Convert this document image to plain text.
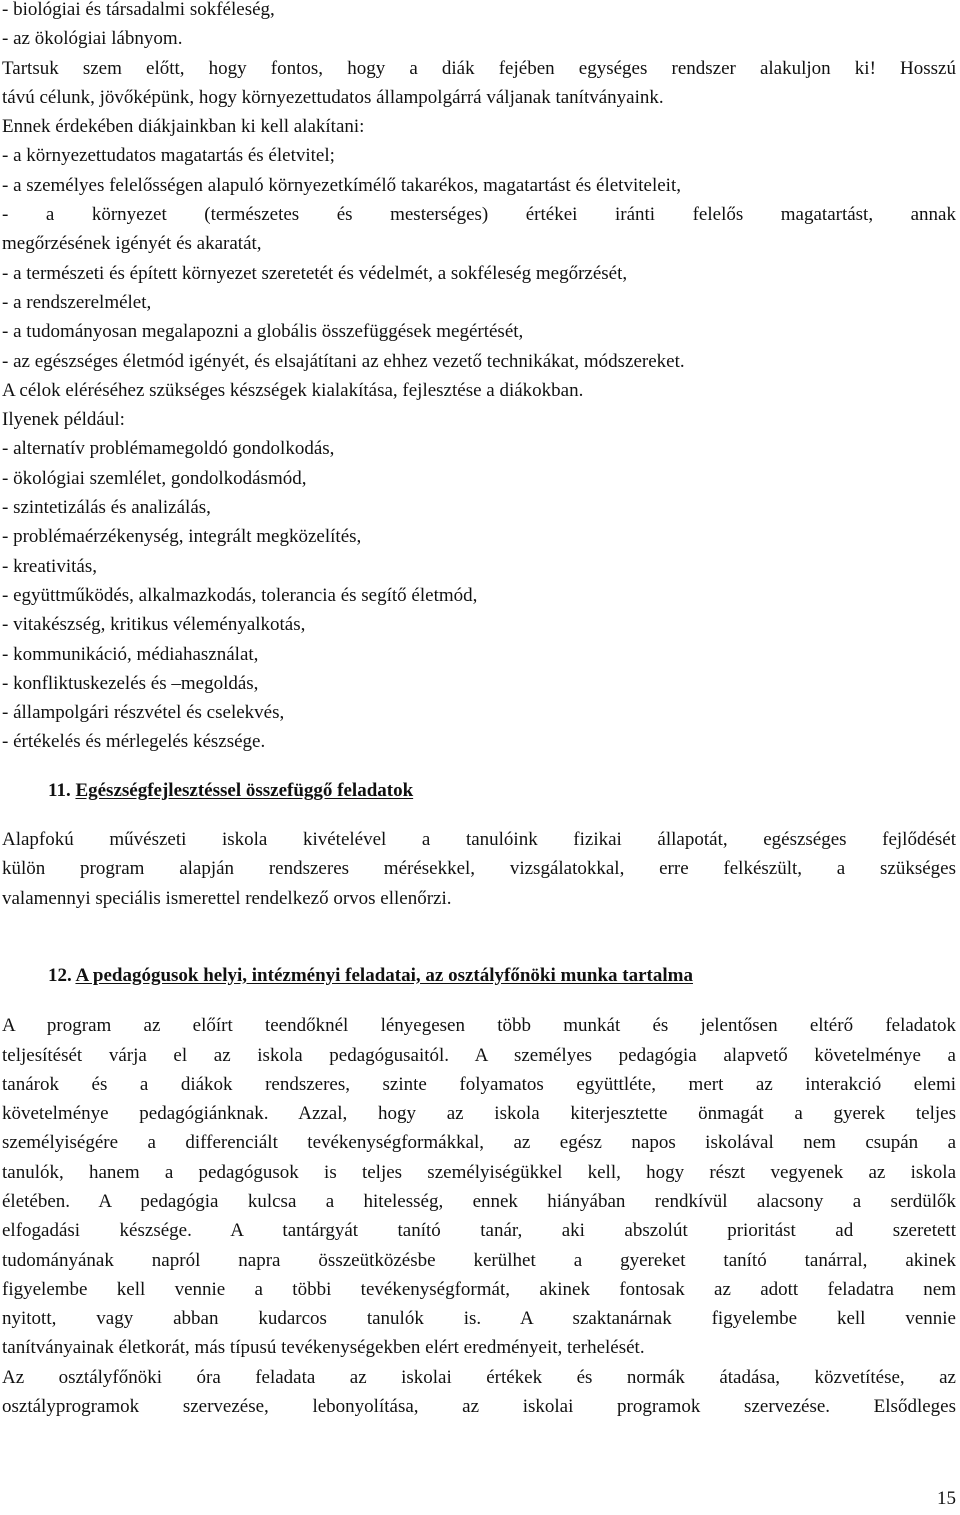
- biológiai és társadalmi sokféleség,
- az ökológiai lábnyom.
Tartsuk szem előtt, hogy fontos, hogy a diák fejében egységes rendszer alakuljon ki! Hosszú
távú célunk, jövőképünk, hogy környezettudatos állampolgárrá váljanak tanítványaink.
Ennek érdekében diákjainkban ki kell alakítani:
- a környezettudatos magatartás és életvitel;
- a személyes felelősségen alapuló környezetkímélő takarékos, magatartást és életviteleit,
- a környezet (természetes és mesterséges) értékei iránti felelős magatartást, annak
megőrzésének igényét és akaratát,
- a természeti és épített környezet szeretetét és védelmét, a sokféleség megőrzését,
- a rendszerelmélet,
- a tudományosan megalapozni a globális összefüggések megértését,
- az egészséges életmód igényét, és elsajátítani az ehhez vezető technikákat, módszereket.
A célok eléréséhez szükséges készségek kialakítása, fejlesztése a diákokban.
Ilyenek például:
- alternatív problémamegoldó gondolkodás,
- ökológiai szemlélet, gondolkodásmód,
- szintetizálás és analizálás,
- problémaérzékenység, integrált megközelítés,
- kreativitás,
- együttműködés, alkalmazkodás, tolerancia és segítő életmód,
- vitakészség, kritikus véleményalkotás,
- kommunikáció, médiahasználat,
- konfliktuskezelés és –megoldás,
- állampolgári részvétel és cselekvés,
- értékelés és mérlegelés készsége.
11. Egészségfejlesztéssel összefüggő feladatok
Alapfokú művészeti iskola kivételével a tanulóink fizikai állapotát, egészséges fejlődését
külön program alapján rendszeres mérésekkel, vizsgálatokkal, erre felkészült, a szükséges
valamennyi speciális ismerettel rendelkező orvos ellenőrzi.
12. A pedagógusok helyi, intézményi feladatai, az osztályfőnöki munka tartalma
A program az előírt teendőknél lényegesen több munkát és jelentősen eltérő feladatok
teljesítését várja el az iskola pedagógusaitól. A személyes pedagógia alapvető követelménye a
tanárok és a diákok rendszeres, szinte folyamatos együttléte, mert az interakció elemi
követelménye pedagógiánknak. Azzal, hogy az iskola kiterjesztette önmagát a gyerek teljes
személyiségére a differenciált tevékenységformákkal, az egész napos iskolával nem csupán a
tanulók, hanem a pedagógusok is teljes személyiségükkel kell, hogy részt vegyenek az iskola
életében. A pedagógia kulcsa a hitelesség, ennek hiányában rendkívül alacsony a serdülők
elfogadási készsége. A tantárgyát tanító tanár, aki abszolút prioritást ad szeretett
tudományának napról napra összeütközésbe kerülhet a gyereket tanító tanárral, akinek
figyelembe kell vennie a többi tevékenységformát, akinek fontosak az adott feladatra nem
nyitott, vagy abban kudarcos tanulók is. A szaktanárnak figyelembe kell vennie
tanítványainak életkorát, más típusú tevékenységekben elért eredményeit, terhelését.
Az osztályfőnöki óra feladata az iskolai értékek és normák átadása, közvetítése, az
osztályprogramok szervezése, lebonyolítása, az iskolai programok szervezése. Elsődleges
15
